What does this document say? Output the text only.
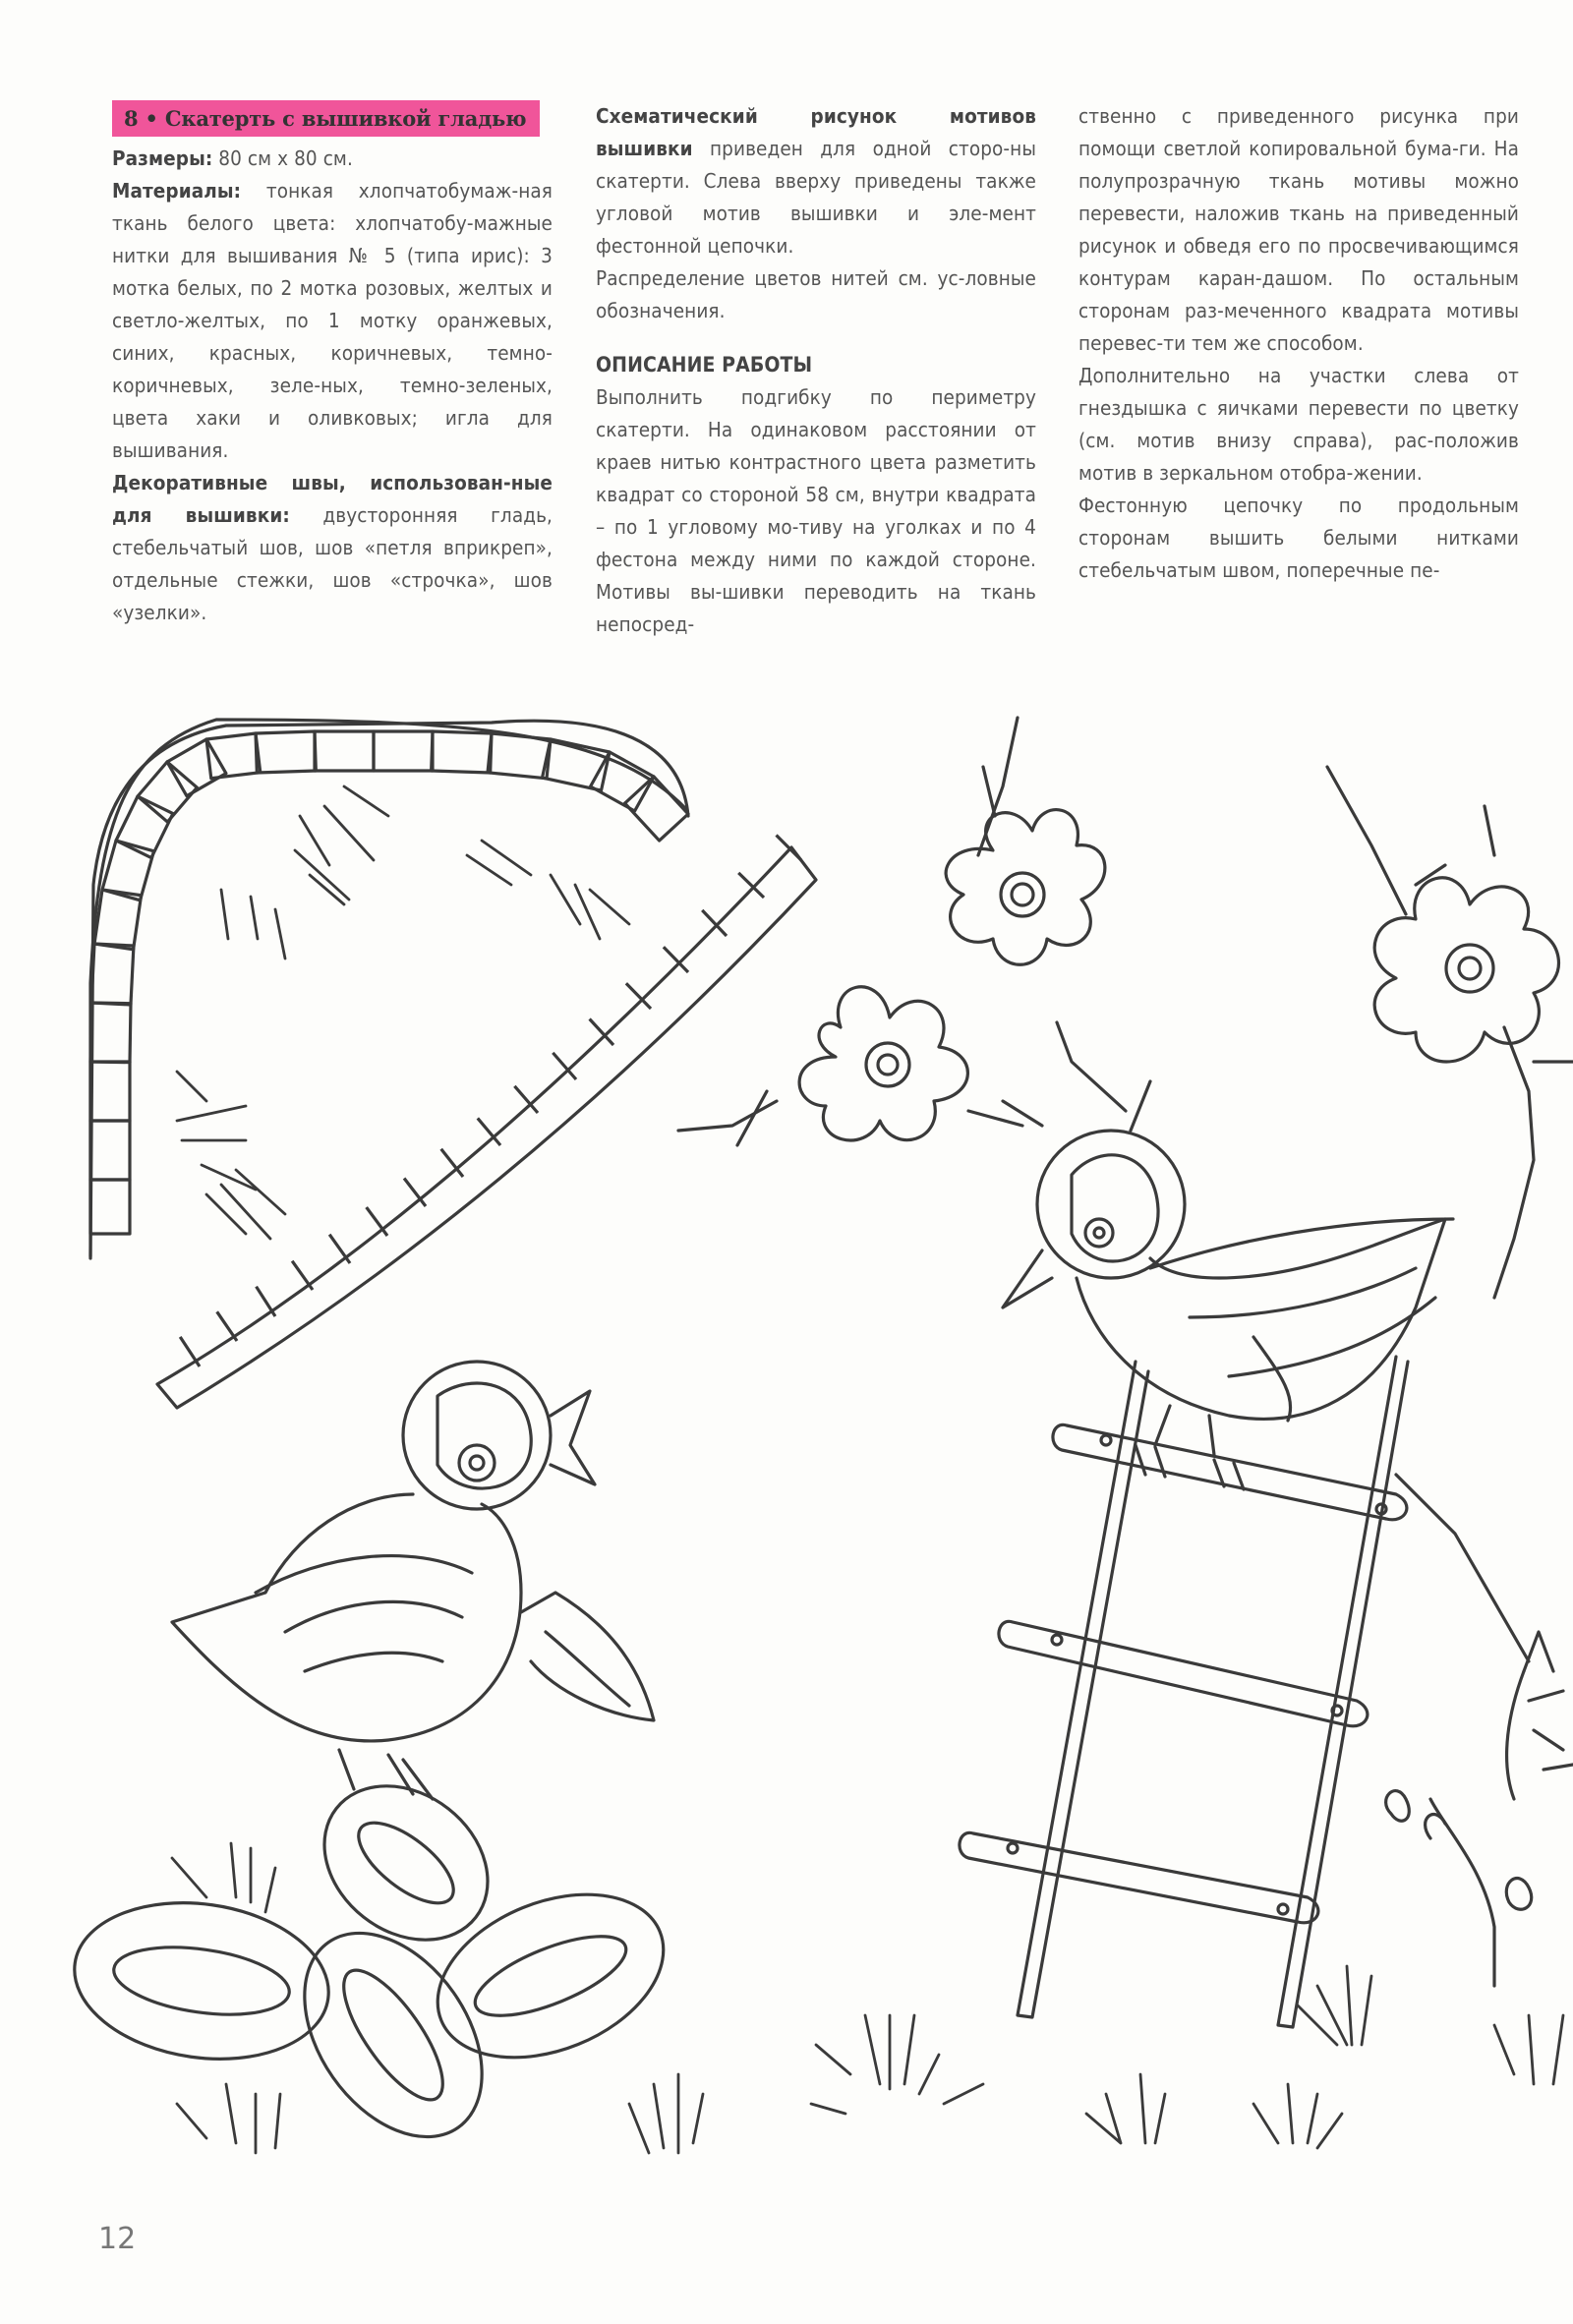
8 • Скатерть с вышивкой гладью

Размеры: 80 см x 80 см.

Материалы: тонкая хлопчатобумаж-ная ткань белого цвета: хлопчатобу-мажные нитки для вышивания № 5 (типа ирис): 3 мотка белых, по 2 мотка розовых, желтых и светло-желтых, по 1 мотку оранжевых, синих, красных, коричневых, темно-коричневых, зеле-ных, темно-зеленых, цвета хаки и оливковых; игла для вышивания.

Декоративные швы, использован-ные для вышивки: двусторонняя гладь, стебельчатый шов, шов «петля вприкреп», отдельные стежки, шов «строчка», шов «узелки».

Схематический рисунок мотивов вышивки приведен для одной сторо-ны скатерти. Слева вверху приведены также угловой мотив вышивки и эле-мент фестонной цепочки.

Распределение цветов нитей см. ус-ловные обозначения.

ОПИСАНИЕ РАБОТЫ

Выполнить подгибку по периметру скатерти. На одинаковом расстоянии от краев нитью контрастного цвета разметить квадрат со стороной 58 см, внутри квадрата – по 1 угловому мо-тиву на уголках и по 4 фестона между ними по каждой стороне. Мотивы вы-шивки переводить на ткань непосред-

ственно с приведенного рисунка при помощи светлой копировальной бума-ги. На полупрозрачную ткань мотивы можно перевести, наложив ткань на приведенный рисунок и обведя его по просвечивающимся контурам каран-дашом. По остальным сторонам раз-меченного квадрата мотивы перевес-ти тем же способом.

Дополнительно на участки слева от гнездышка с яичками перевести по цветку (см. мотив внизу справа), рас-положив мотив в зеркальном отобра-жении.

Фестонную цепочку по продольным сторонам вышить белыми нитками стебельчатым швом, поперечные пе-

12
